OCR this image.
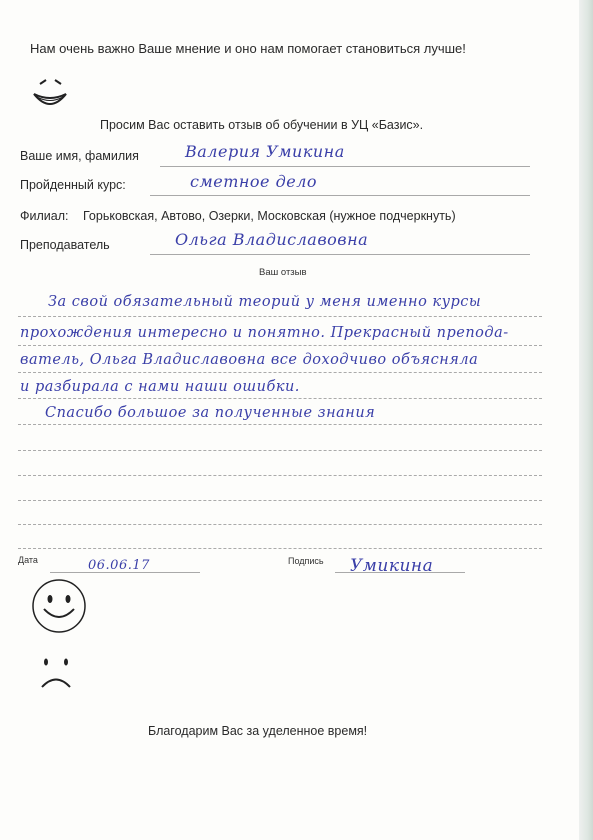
Нам очень важно Ваше мнение и оно нам помогает становиться лучше!
Просим Вас оставить отзыв об обучении в УЦ «Базис».
Ваше имя, фамилия	Валерия Умикина
Пройденный курс:	сметное дело
Филиал: Горьковская, Автово, Озерки, Московская (нужное подчеркнуть)
Преподаватель	Ольга Владиславовна
Ваш отзыв
За свой обязательный теорий у меня именно курсы
прохождения интересно и понятно. Прекрасный препода-
ватель, Ольга Владиславовна все доходчиво объясняла
и разбирала с нами наши ошибки.
Спасибо большое за полученные знания
Дата	06.06.17	Подпись Умикина
Благодарим Вас за уделенное время!
